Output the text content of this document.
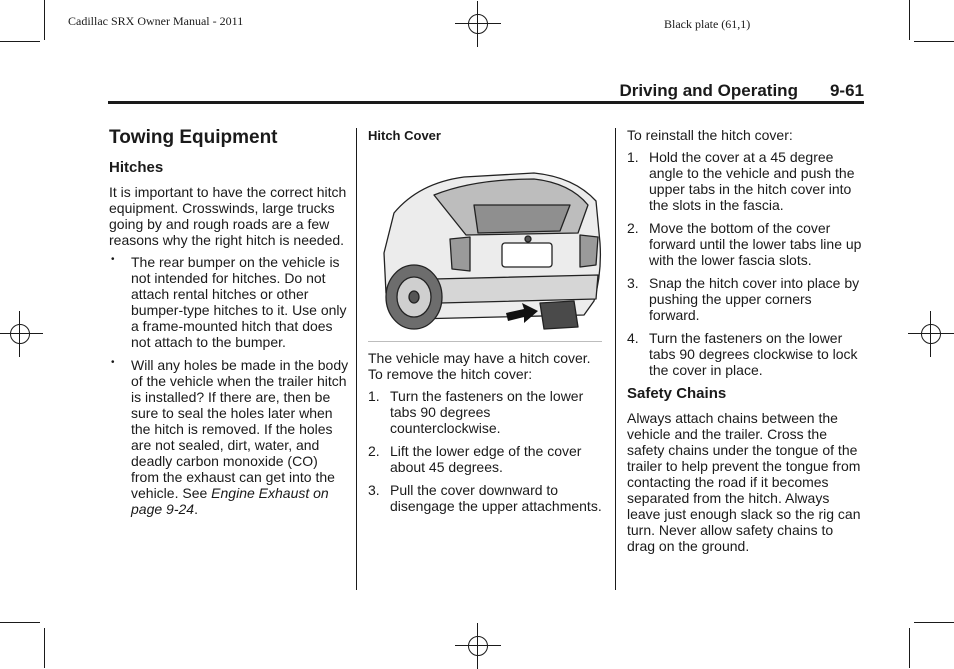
Cadillac SRX Owner Manual - 2011	Black plate (61,1)
Driving and Operating 9-61
Towing Equipment
Hitches

It is important to have the correct hitch equipment. Crosswinds, large trucks going by and rough roads are a few reasons why the right hitch is needed.

• The rear bumper on the vehicle is not intended for hitches. Do not attach rental hitches or other bumper-type hitches to it. Use only a frame-mounted hitch that does not attach to the bumper.
• Will any holes be made in the body of the vehicle when the trailer hitch is installed? If there are, then be sure to seal the holes later when the hitch is removed. If the holes are not sealed, dirt, water, and deadly carbon monoxide (CO) from the exhaust can get into the vehicle. See Engine Exhaust on page 9-24.
Hitch Cover

The vehicle may have a hitch cover. To remove the hitch cover:

1. Turn the fasteners on the lower tabs 90 degrees counterclockwise.
2. Lift the lower edge of the cover about 45 degrees.
3. Pull the cover downward to disengage the upper attachments.

To reinstall the hitch cover:

1. Hold the cover at a 45 degree angle to the vehicle and push the upper tabs in the hitch cover into the slots in the fascia.
2. Move the bottom of the cover forward until the lower tabs line up with the lower fascia slots.
3. Snap the hitch cover into place by pushing the upper corners forward.
4. Turn the fasteners on the lower tabs 90 degrees clockwise to lock the cover in place.
Safety Chains

Always attach chains between the vehicle and the trailer. Cross the safety chains under the tongue of the trailer to help prevent the tongue from contacting the road if it becomes separated from the hitch. Always leave just enough slack so the rig can turn. Never allow safety chains to drag on the ground.
